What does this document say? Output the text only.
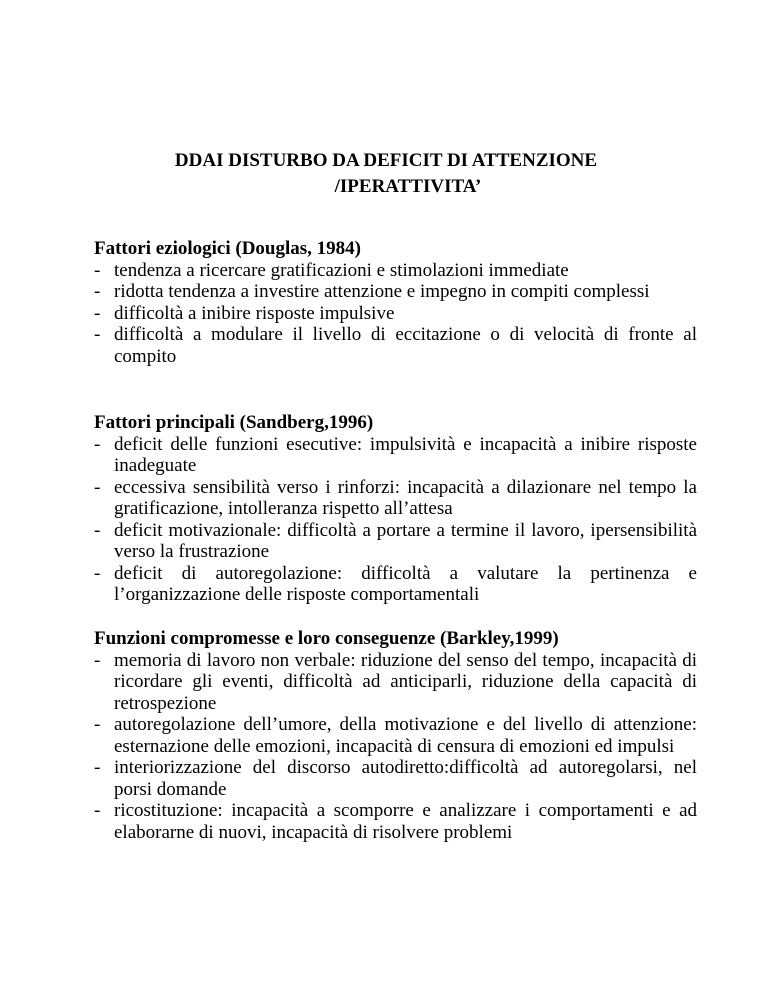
DDAI DISTURBO DA DEFICIT DI ATTENZIONE
/IPERATTIVITA’
Fattori eziologici (Douglas, 1984)
- tendenza a ricercare gratificazioni e stimolazioni immediate
- ridotta tendenza a investire attenzione e impegno in compiti complessi
- difficoltà a inibire risposte impulsive
- difficoltà a modulare il livello di eccitazione o di velocità di fronte al compito
Fattori principali (Sandberg,1996)
- deficit delle funzioni esecutive: impulsività e incapacità a inibire risposte inadeguate
- eccessiva sensibilità verso i rinforzi: incapacità a dilazionare nel tempo la gratificazione, intolleranza rispetto all’attesa
- deficit motivazionale: difficoltà a portare a termine il lavoro, ipersensibilità verso la frustrazione
- deficit di autoregolazione: difficoltà a valutare la pertinenza e l’organizzazione delle risposte comportamentali
Funzioni compromesse e loro conseguenze (Barkley,1999)
- memoria di lavoro non verbale: riduzione del senso del tempo, incapacità di ricordare gli eventi, difficoltà ad anticiparli, riduzione della capacità di retrospezione
- autoregolazione dell’umore, della motivazione e del livello di attenzione: esternazione delle emozioni, incapacità di censura di emozioni ed impulsi
- interiorizzazione del discorso autodiretto:difficoltà ad autoregolarsi, nel porsi domande
- ricostituzione: incapacità a scomporre e analizzare i comportamenti e ad elaborarne di nuovi, incapacità di risolvere problemi
